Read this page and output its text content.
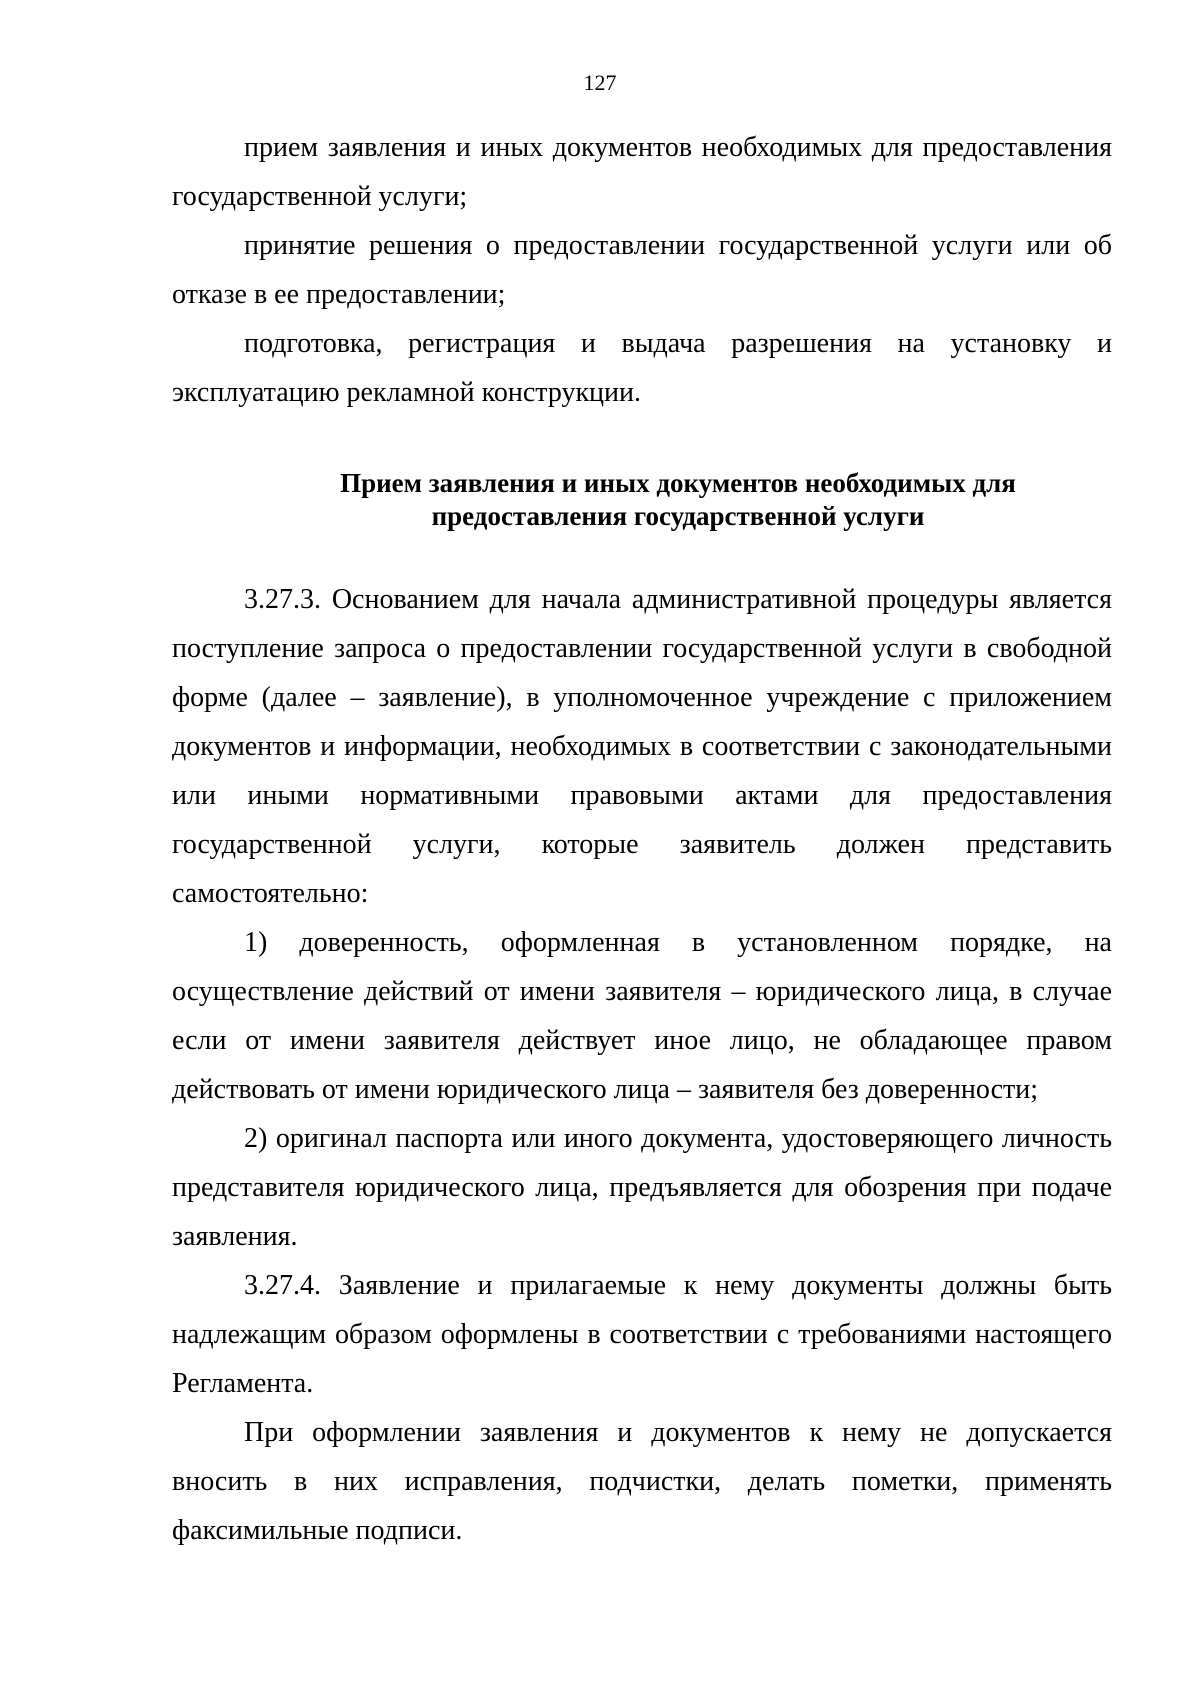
127

прием заявления и иных документов необходимых для предоставления государственной услуги;

принятие решения о предоставлении государственной услуги или об отказе в ее предоставлении;

подготовка, регистрация и выдача разрешения на установку и эксплуатацию рекламной конструкции.

Прием заявления и иных документов необходимых для

предоставления государственной услуги

3.27.3. Основанием для начала административной процедуры является поступление запроса о предоставлении государственной услуги в свободной форме (далее – заявление), в уполномоченное учреждение с приложением документов и информации, необходимых в соответствии с законодательными или иными нормативными правовыми актами для предоставления государственной услуги, которые заявитель должен представить самостоятельно:

1) доверенность, оформленная в установленном порядке, на осуществление действий от имени заявителя – юридического лица, в случае если от имени заявителя действует иное лицо, не обладающее правом действовать от имени юридического лица – заявителя без доверенности;

2) оригинал паспорта или иного документа, удостоверяющего личность представителя юридического лица, предъявляется для обозрения при подаче заявления.

3.27.4. Заявление и прилагаемые к нему документы должны быть надлежащим образом оформлены в соответствии с требованиями настоящего Регламента.

При оформлении заявления и документов к нему не допускается вносить в них исправления, подчистки, делать пометки, применять факсимильные подписи.
